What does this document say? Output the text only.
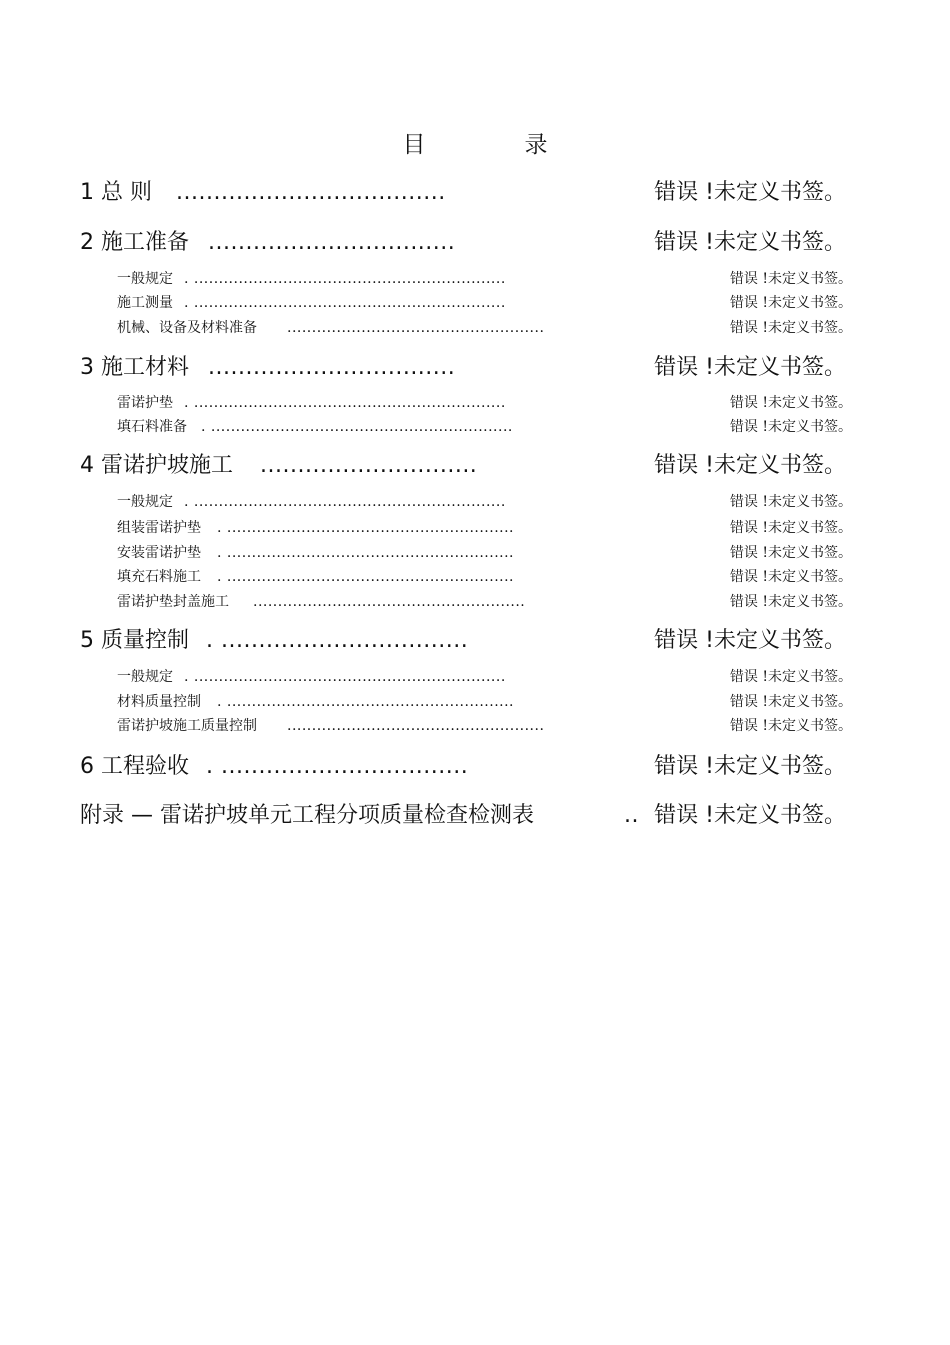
目　录
1 总 则 ....................................	错误 !未定义书签。
2 施工准备 .................................	错误 !未定义书签。
一般规定 . ...............................................................	错误 !未定义书签。
施工测量 . ...............................................................	错误 !未定义书签。
机械、设备及材料准备 ....................................................	错误 !未定义书签。
3 施工材料 .................................	错误 !未定义书签。
雷诺护垫 . ...............................................................	错误 !未定义书签。
填石料准备 . .............................................................	错误 !未定义书签。
4 雷诺护坡施工 .............................	错误 !未定义书签。
一般规定 . ...............................................................	错误 !未定义书签。
组装雷诺护垫 . ..........................................................	错误 !未定义书签。
安装雷诺护垫 . ..........................................................	错误 !未定义书签。
填充石料施工 . ..........................................................	错误 !未定义书签。
雷诺护垫封盖施工 .......................................................	错误 !未定义书签。
5 质量控制 . .................................	错误 !未定义书签。
一般规定 . ...............................................................	错误 !未定义书签。
材料质量控制 . ..........................................................	错误 !未定义书签。
雷诺护坡施工质量控制 ....................................................	错误 !未定义书签。
6 工程验收 . .................................	错误 !未定义书签。
附录 — 雷诺护坡单元工程分项质量检查检测表	.. 错误 !未定义书签。
